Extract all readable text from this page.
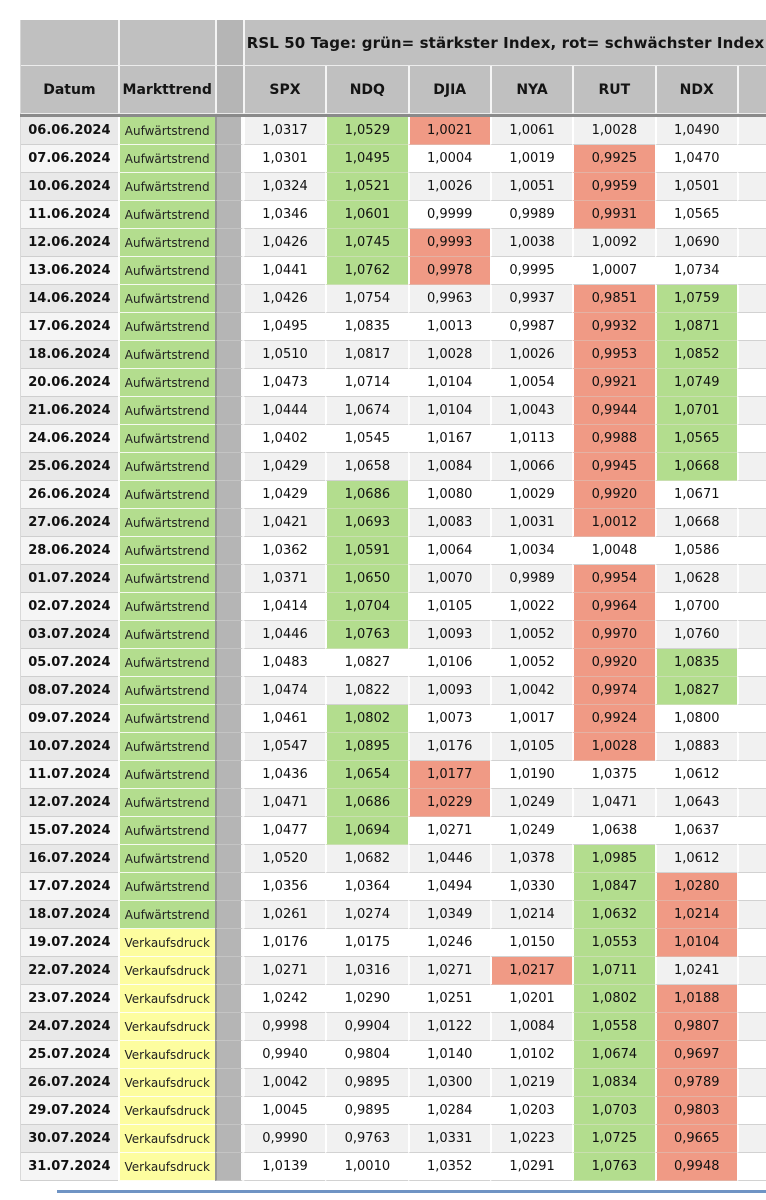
RSL 50 Tage: grün= stärkster Index, rot= schwächster Index
Datum	Markttrend	SPX	NDQ	DJIA	NYA	RUT	NDX
06.06.2024	Aufwärtstrend	1,0317	1,0529	1,0021	1,0061	1,0028	1,0490
07.06.2024	Aufwärtstrend	1,0301	1,0495	1,0004	1,0019	0,9925	1,0470
10.06.2024	Aufwärtstrend	1,0324	1,0521	1,0026	1,0051	0,9959	1,0501
11.06.2024	Aufwärtstrend	1,0346	1,0601	0,9999	0,9989	0,9931	1,0565
12.06.2024	Aufwärtstrend	1,0426	1,0745	0,9993	1,0038	1,0092	1,0690
13.06.2024	Aufwärtstrend	1,0441	1,0762	0,9978	0,9995	1,0007	1,0734
14.06.2024	Aufwärtstrend	1,0426	1,0754	0,9963	0,9937	0,9851	1,0759
17.06.2024	Aufwärtstrend	1,0495	1,0835	1,0013	0,9987	0,9932	1,0871
18.06.2024	Aufwärtstrend	1,0510	1,0817	1,0028	1,0026	0,9953	1,0852
20.06.2024	Aufwärtstrend	1,0473	1,0714	1,0104	1,0054	0,9921	1,0749
21.06.2024	Aufwärtstrend	1,0444	1,0674	1,0104	1,0043	0,9944	1,0701
24.06.2024	Aufwärtstrend	1,0402	1,0545	1,0167	1,0113	0,9988	1,0565
25.06.2024	Aufwärtstrend	1,0429	1,0658	1,0084	1,0066	0,9945	1,0668
26.06.2024	Aufwärtstrend	1,0429	1,0686	1,0080	1,0029	0,9920	1,0671
27.06.2024	Aufwärtstrend	1,0421	1,0693	1,0083	1,0031	1,0012	1,0668
28.06.2024	Aufwärtstrend	1,0362	1,0591	1,0064	1,0034	1,0048	1,0586
01.07.2024	Aufwärtstrend	1,0371	1,0650	1,0070	0,9989	0,9954	1,0628
02.07.2024	Aufwärtstrend	1,0414	1,0704	1,0105	1,0022	0,9964	1,0700
03.07.2024	Aufwärtstrend	1,0446	1,0763	1,0093	1,0052	0,9970	1,0760
05.07.2024	Aufwärtstrend	1,0483	1,0827	1,0106	1,0052	0,9920	1,0835
08.07.2024	Aufwärtstrend	1,0474	1,0822	1,0093	1,0042	0,9974	1,0827
09.07.2024	Aufwärtstrend	1,0461	1,0802	1,0073	1,0017	0,9924	1,0800
10.07.2024	Aufwärtstrend	1,0547	1,0895	1,0176	1,0105	1,0028	1,0883
11.07.2024	Aufwärtstrend	1,0436	1,0654	1,0177	1,0190	1,0375	1,0612
12.07.2024	Aufwärtstrend	1,0471	1,0686	1,0229	1,0249	1,0471	1,0643
15.07.2024	Aufwärtstrend	1,0477	1,0694	1,0271	1,0249	1,0638	1,0637
16.07.2024	Aufwärtstrend	1,0520	1,0682	1,0446	1,0378	1,0985	1,0612
17.07.2024	Aufwärtstrend	1,0356	1,0364	1,0494	1,0330	1,0847	1,0280
18.07.2024	Aufwärtstrend	1,0261	1,0274	1,0349	1,0214	1,0632	1,0214
19.07.2024	Verkaufsdruck	1,0176	1,0175	1,0246	1,0150	1,0553	1,0104
22.07.2024	Verkaufsdruck	1,0271	1,0316	1,0271	1,0217	1,0711	1,0241
23.07.2024	Verkaufsdruck	1,0242	1,0290	1,0251	1,0201	1,0802	1,0188
24.07.2024	Verkaufsdruck	0,9998	0,9904	1,0122	1,0084	1,0558	0,9807
25.07.2024	Verkaufsdruck	0,9940	0,9804	1,0140	1,0102	1,0674	0,9697
26.07.2024	Verkaufsdruck	1,0042	0,9895	1,0300	1,0219	1,0834	0,9789
29.07.2024	Verkaufsdruck	1,0045	0,9895	1,0284	1,0203	1,0703	0,9803
30.07.2024	Verkaufsdruck	0,9990	0,9763	1,0331	1,0223	1,0725	0,9665
31.07.2024	Verkaufsdruck	1,0139	1,0010	1,0352	1,0291	1,0763	0,9948
